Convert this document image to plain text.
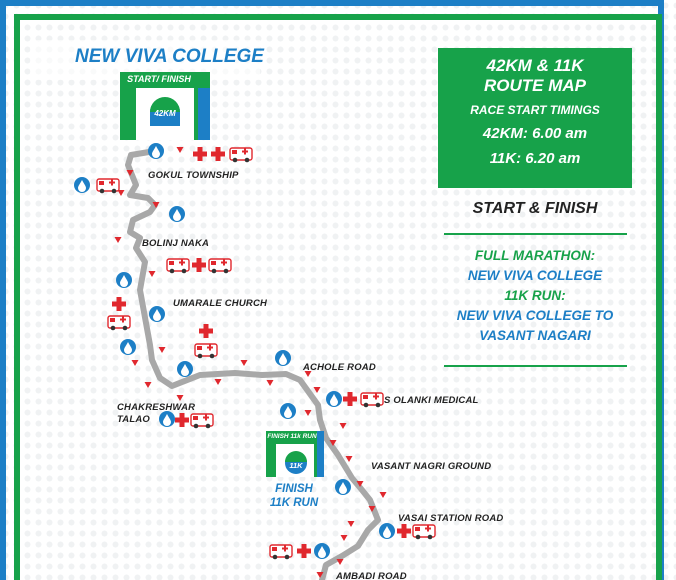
NEW VIVA COLLEGE
START/ FINISH
42KM
FINISH 11k RUN
11K
FINISH
11K RUN
GOKUL TOWNSHIP
BOLINJ NAKA
UMARALE CHURCH
ACHOLE ROAD
S OLANKI MEDICAL
CHAKRESHWAR
TALAO
VASANT NAGRI GROUND
VASAI STATION ROAD
AMBADI ROAD
42KM & 11K
ROUTE MAP
RACE START TIMINGS
42KM: 6.00 am
11K: 6.20 am
START & FINISH
FULL MARATHON:
NEW VIVA COLLEGE
11K RUN:
NEW VIVA COLLEGE TO
VASANT NAGARI
